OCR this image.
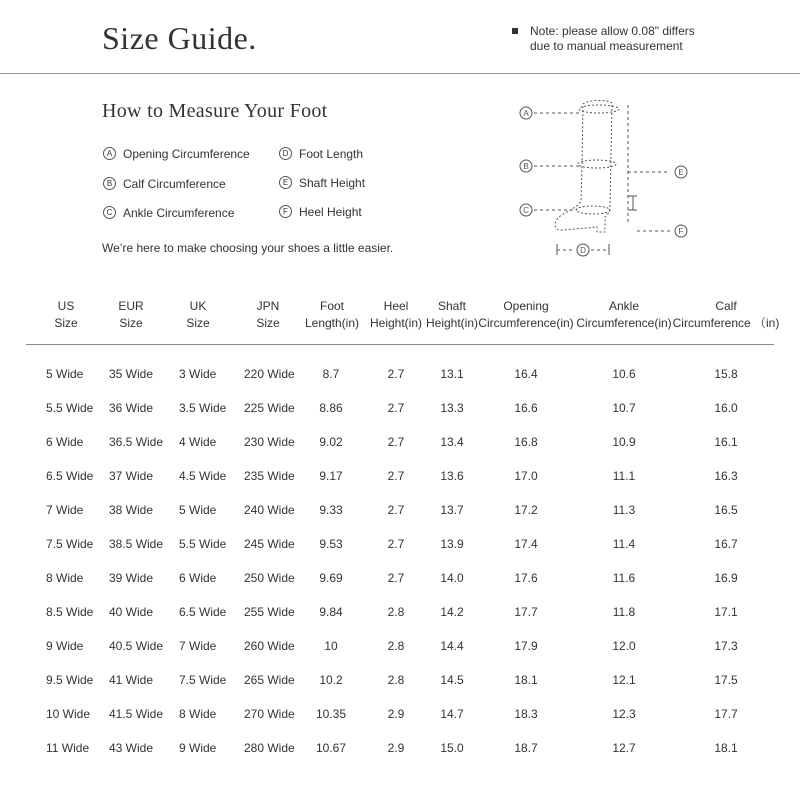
Size Guide.	Note: please allow 0.08" differs
due to manual measurement
How to Measure Your Foot
A Opening Circumference
B Calf Circumference
C Ankle Circumference
D Foot Length
E Shaft Height
F Heel Height
We’re here to make choosing your shoes a little easier.
A
B
C
D
E
F
US
Size
EUR
Size
UK
Size
JPN
Size
Foot
Length(in)
Heel
Height(in)
Shaft
Height(in)
Opening
Circumference(in)
Ankle
Circumference(in)
Calf
Circumference （in)
5 Wide	35 Wide	3 Wide	220 Wide	8.7	2.7	13.1	16.4	10.6	15.8
5.5 Wide	36 Wide	3.5 Wide	225 Wide	8.86	2.7	13.3	16.6	10.7	16.0
6 Wide	36.5 Wide	4 Wide	230 Wide	9.02	2.7	13.4	16.8	10.9	16.1
6.5 Wide	37 Wide	4.5 Wide	235 Wide	9.17	2.7	13.6	17.0	11.1	16.3
7 Wide	38 Wide	5 Wide	240 Wide	9.33	2.7	13.7	17.2	11.3	16.5
7.5 Wide	38.5 Wide	5.5 Wide	245 Wide	9.53	2.7	13.9	17.4	11.4	16.7
8 Wide	39 Wide	6 Wide	250 Wide	9.69	2.7	14.0	17.6	11.6	16.9
8.5 Wide	40 Wide	6.5 Wide	255 Wide	9.84	2.8	14.2	17.7	11.8	17.1
9 Wide	40.5 Wide	7 Wide	260 Wide	10	2.8	14.4	17.9	12.0	17.3
9.5 Wide	41 Wide	7.5 Wide	265 Wide	10.2	2.8	14.5	18.1	12.1	17.5
10 Wide	41.5 Wide	8 Wide	270 Wide	10.35	2.9	14.7	18.3	12.3	17.7
11 Wide	43 Wide	9 Wide	280 Wide	10.67	2.9	15.0	18.7	12.7	18.1
